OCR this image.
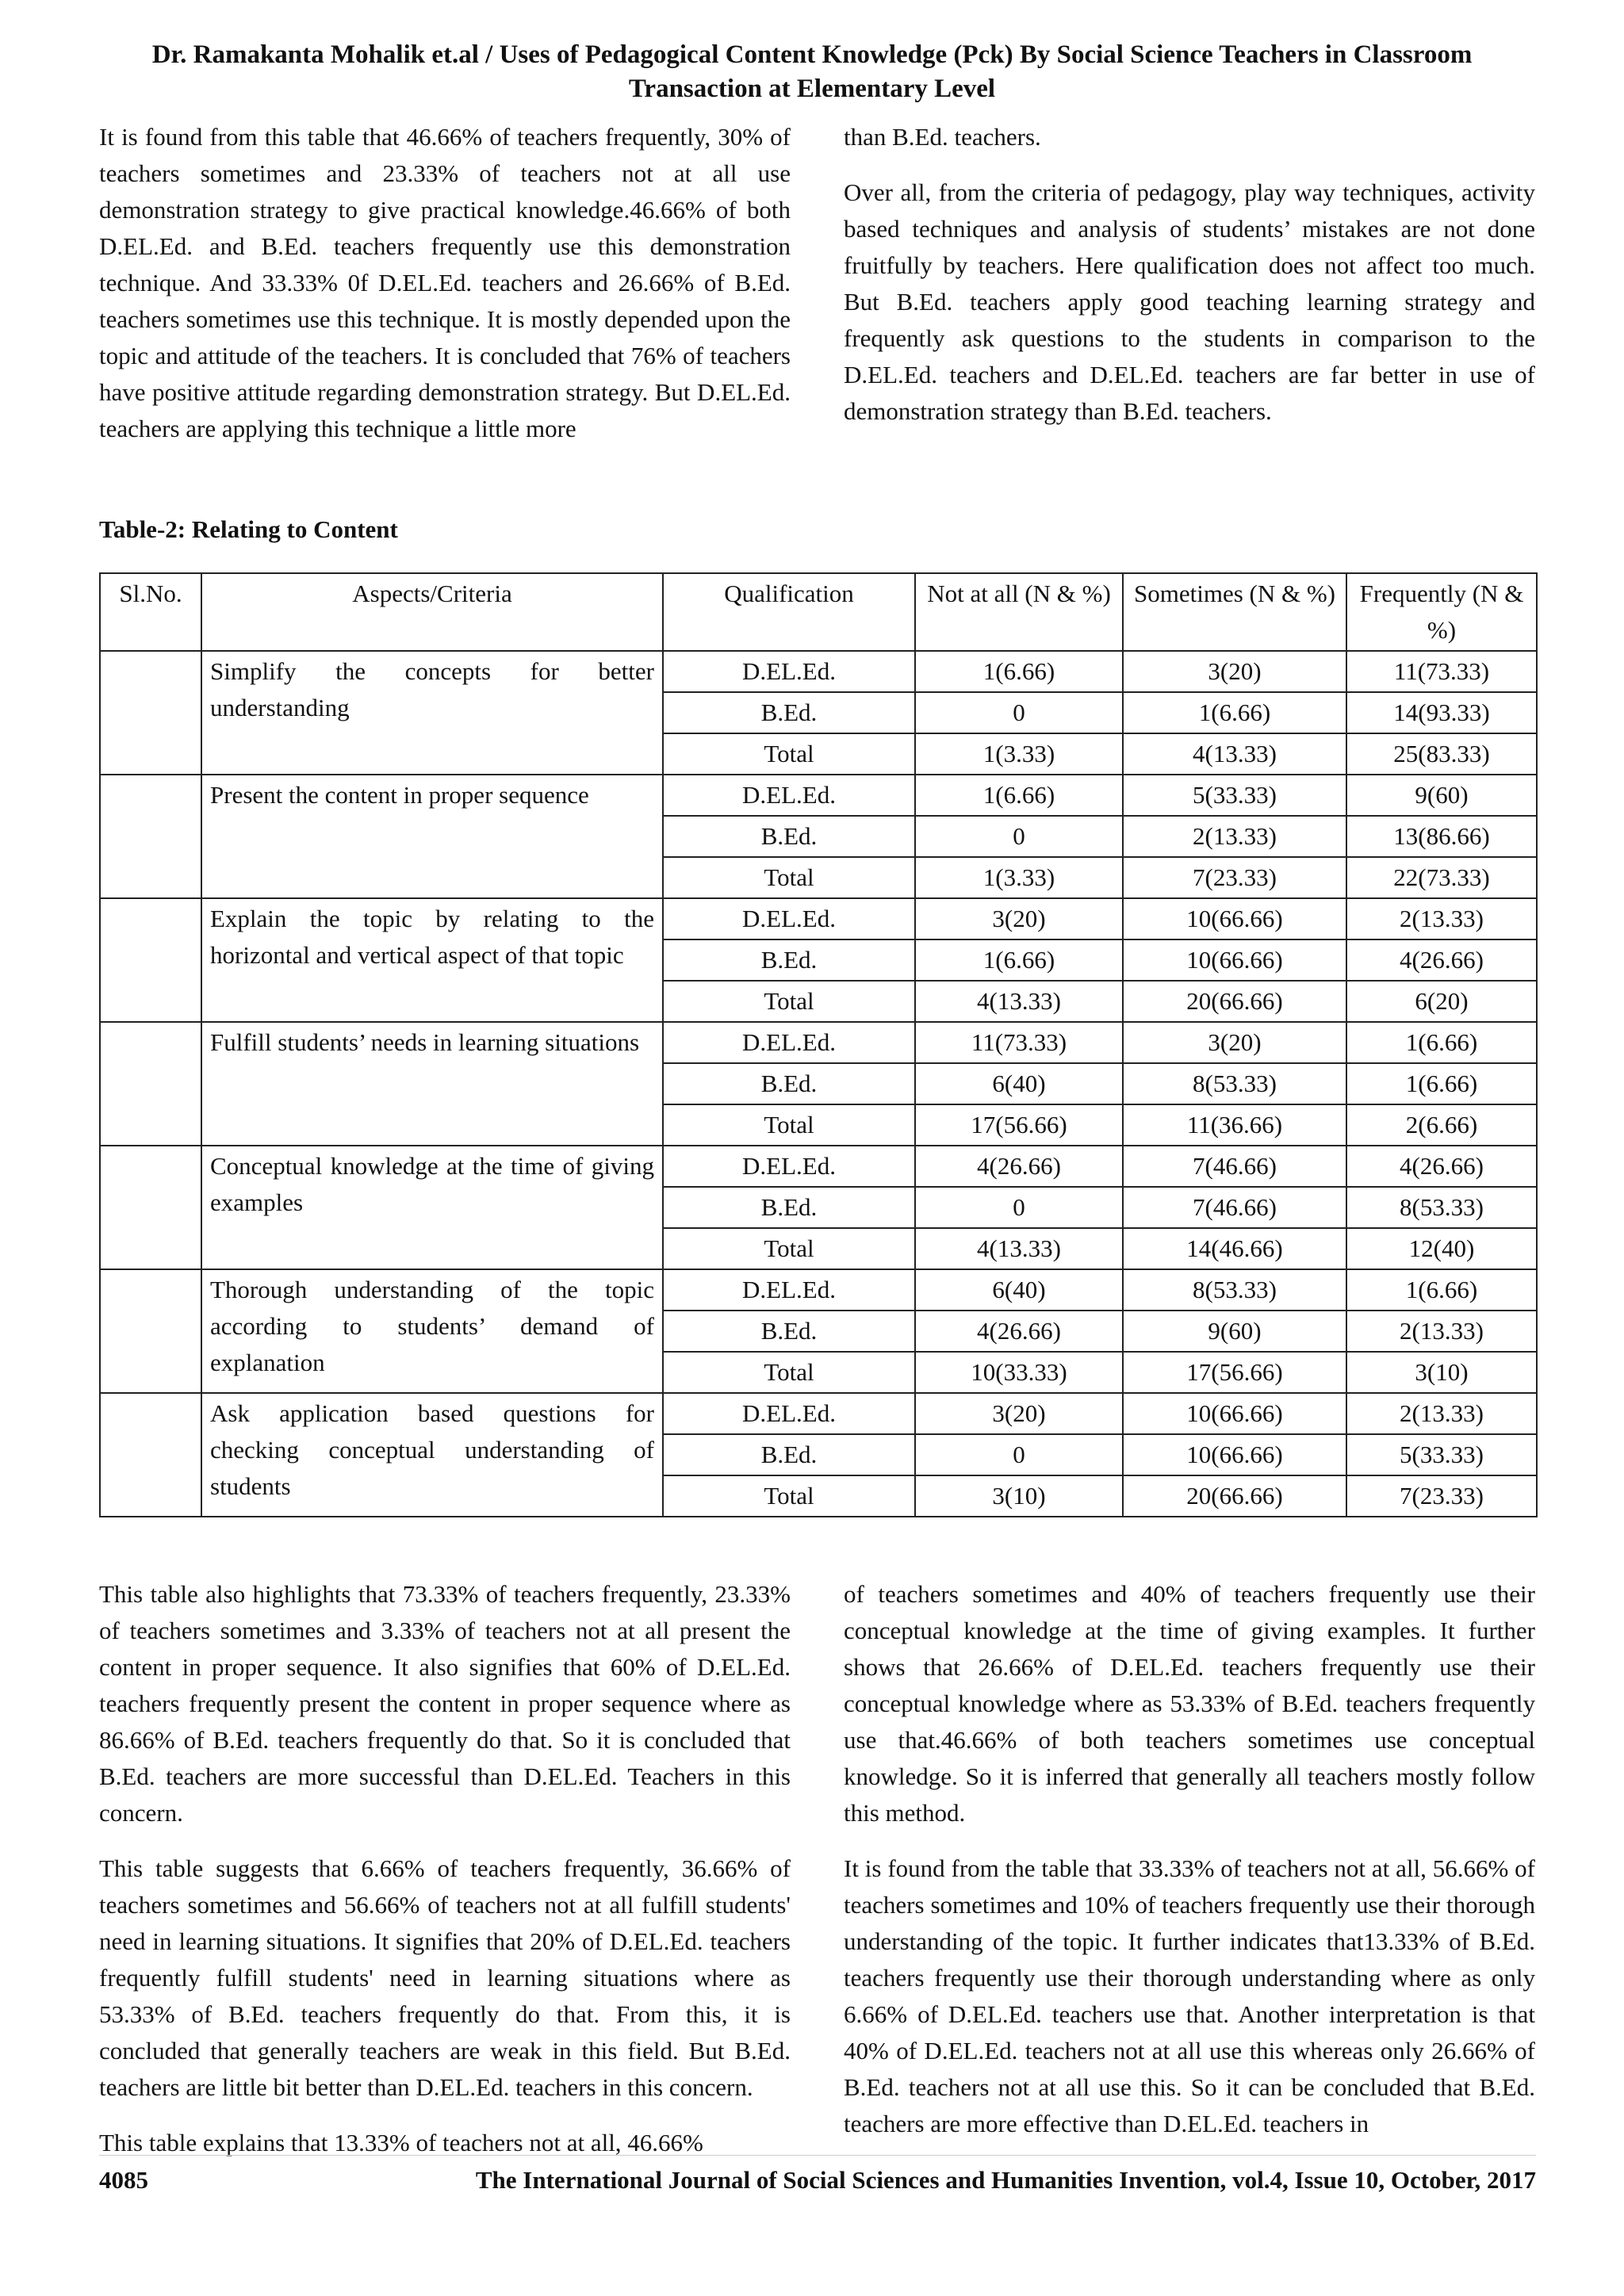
Dr. Ramakanta Mohalik et.al / Uses of Pedagogical Content Knowledge (Pck) By Social Science Teachers in Classroom
Transaction at Elementary Level

It is found from this table that 46.66% of teachers frequently, 30% of teachers sometimes and 23.33% of teachers not at all use demonstration strategy to give practical knowledge.46.66% of both D.EL.Ed. and B.Ed. teachers frequently use this demonstration technique. And 33.33% 0f D.EL.Ed. teachers and 26.66% of B.Ed. teachers sometimes use this technique. It is mostly depended upon the topic and attitude of the teachers. It is concluded that 76% of teachers have positive attitude regarding demonstration strategy. But D.EL.Ed. teachers are applying this technique a little more

than B.Ed. teachers.

Over all, from the criteria of pedagogy, play way techniques, activity based techniques and analysis of students’ mistakes are not done fruitfully by teachers. Here qualification does not affect too much. But B.Ed. teachers apply good teaching learning strategy and frequently ask questions to the students in comparison to the D.EL.Ed. teachers and D.EL.Ed. teachers are far better in use of demonstration strategy than B.Ed. teachers.

Table-2: Relating to Content
Sl.No.	Aspects/Criteria	Qualification	Not at all (N & %)	Sometimes (N & %)	Frequently (N & %)
	Simplify the concepts for better understanding	D.EL.Ed.	1(6.66)	3(20)	11(73.33)
		B.Ed.	0	1(6.66)	14(93.33)
		Total	1(3.33)	4(13.33)	25(83.33)
	Present the content in proper sequence	D.EL.Ed.	1(6.66)	5(33.33)	9(60)
		B.Ed.	0	2(13.33)	13(86.66)
		Total	1(3.33)	7(23.33)	22(73.33)
	Explain the topic by relating to the horizontal and vertical aspect of that topic	D.EL.Ed.	3(20)	10(66.66)	2(13.33)
		B.Ed.	1(6.66)	10(66.66)	4(26.66)
		Total	4(13.33)	20(66.66)	6(20)
	Fulfill students’ needs in learning situations	D.EL.Ed.	11(73.33)	3(20)	1(6.66)
		B.Ed.	6(40)	8(53.33)	1(6.66)
		Total	17(56.66)	11(36.66)	2(6.66)
	Conceptual knowledge at the time of giving examples	D.EL.Ed.	4(26.66)	7(46.66)	4(26.66)
		B.Ed.	0	7(46.66)	8(53.33)
		Total	4(13.33)	14(46.66)	12(40)
	Thorough understanding of the topic according to students’ demand of explanation	D.EL.Ed.	6(40)	8(53.33)	1(6.66)
		B.Ed.	4(26.66)	9(60)	2(13.33)
		Total	10(33.33)	17(56.66)	3(10)
	Ask application based questions for checking conceptual understanding of students	D.EL.Ed.	3(20)	10(66.66)	2(13.33)
		B.Ed.	0	10(66.66)	5(33.33)
		Total	3(10)	20(66.66)	7(23.33)

This table also highlights that 73.33% of teachers frequently, 23.33% of teachers sometimes and 3.33% of teachers not at all present the content in proper sequence. It also signifies that 60% of D.EL.Ed. teachers frequently present the content in proper sequence where as 86.66% of B.Ed. teachers frequently do that. So it is concluded that B.Ed. teachers are more successful than D.EL.Ed. Teachers in this concern.

This table suggests that 6.66% of teachers frequently, 36.66% of teachers sometimes and 56.66% of teachers not at all fulfill students' need in learning situations. It signifies that 20% of D.EL.Ed. teachers frequently fulfill students' need in learning situations where as 53.33% of B.Ed. teachers frequently do that. From this, it is concluded that generally teachers are weak in this field. But B.Ed. teachers are little bit better than D.EL.Ed. teachers in this concern.

This table explains that 13.33% of teachers not at all, 46.66%

of teachers sometimes and 40% of teachers frequently use their conceptual knowledge at the time of giving examples. It further shows that 26.66% of D.EL.Ed. teachers frequently use their conceptual knowledge where as 53.33% of B.Ed. teachers frequently use that.46.66% of both teachers sometimes use conceptual knowledge. So it is inferred that generally all teachers mostly follow this method.

It is found from the table that 33.33% of teachers not at all, 56.66% of teachers sometimes and 10% of teachers frequently use their thorough understanding of the topic. It further indicates that13.33% of B.Ed. teachers frequently use their thorough understanding where as only 6.66% of D.EL.Ed. teachers use that. Another interpretation is that 40% of D.EL.Ed. teachers not at all use this whereas only 26.66% of B.Ed. teachers not at all use this. So it can be concluded that B.Ed. teachers are more effective than D.EL.Ed. teachers in

4085	The International Journal of Social Sciences and Humanities Invention, vol.4, Issue 10, October, 2017
